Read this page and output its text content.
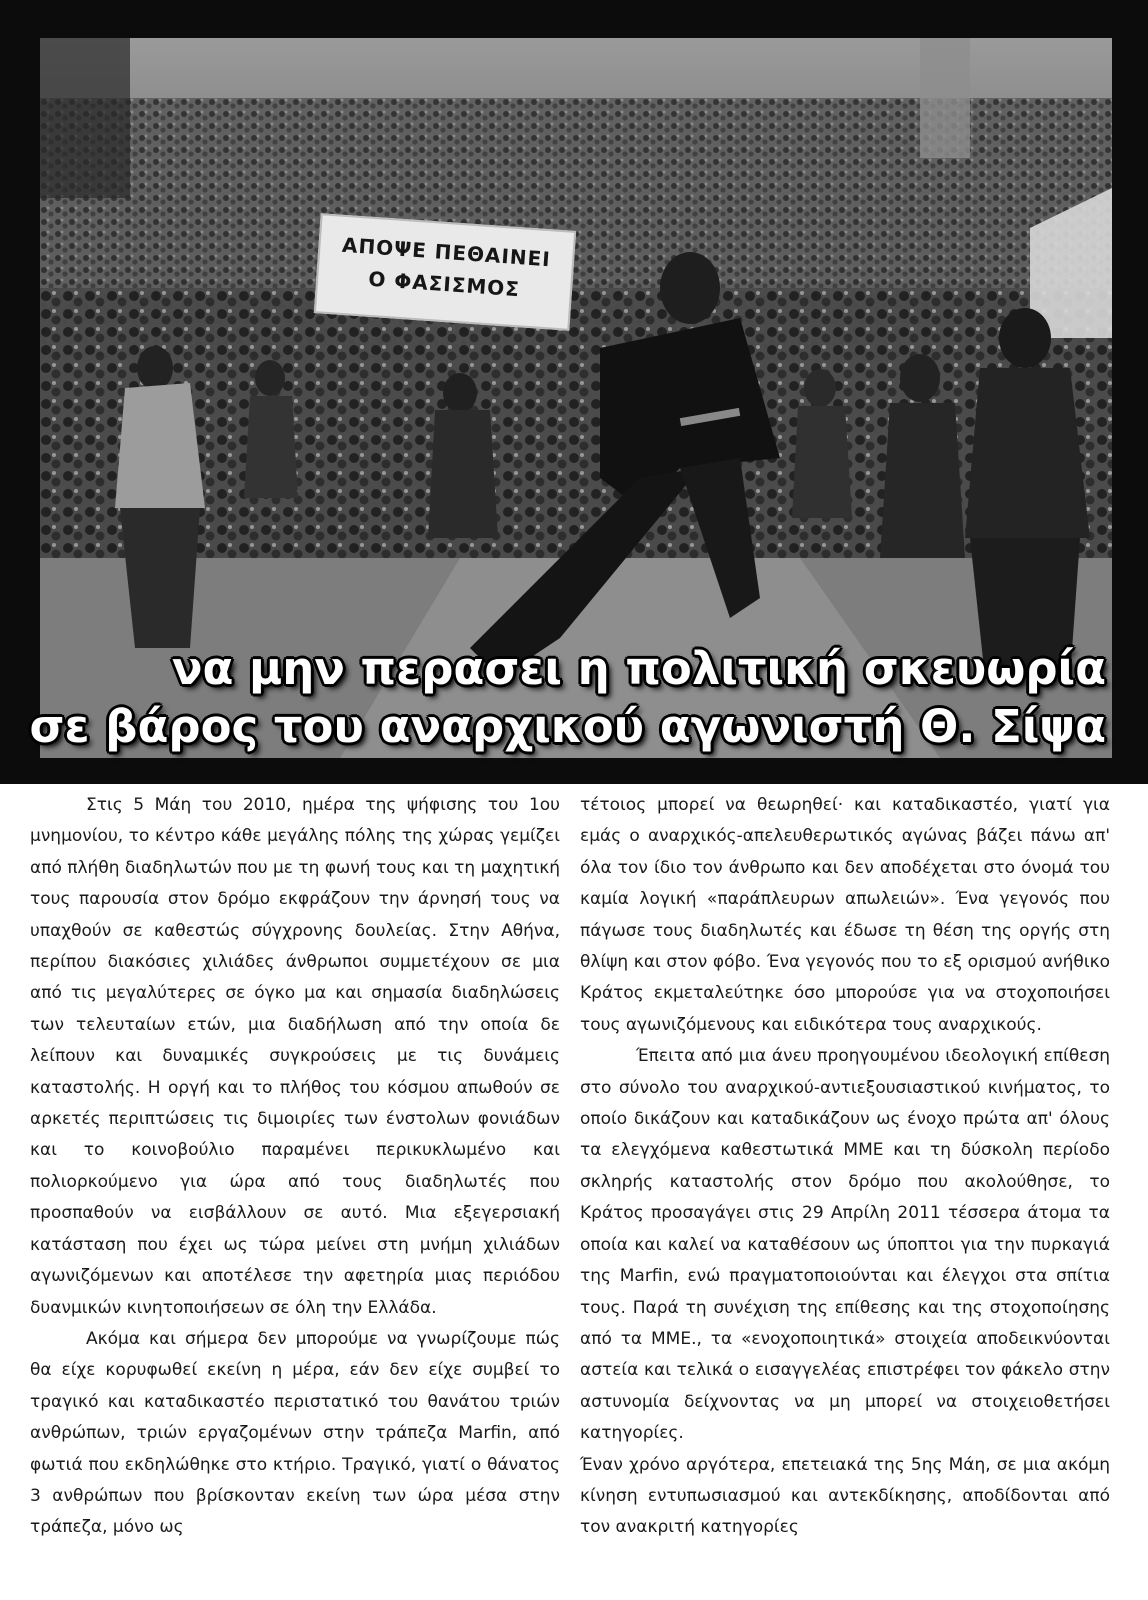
ΑΠΟΨΕ ΠΕΘΑΙΝΕΙ
Ο ΦΑΣΙΣΜΟΣ
να μην περασει η πολιτική σκευωρία
σε βάρος του αναρχικού αγωνιστή Θ. Σίψα

Στις 5 Μάη του 2010, ημέρα της ψήφισης του 1ου μνημονίου, το κέντρο κάθε μεγάλης πόλης της χώρας γεμίζει από πλήθη διαδηλωτών που με τη φωνή τους και τη μαχητική τους παρουσία στον δρόμο εκφράζουν την άρνησή τους να υπαχθούν σε καθεστώς σύγχρονης δουλείας. Στην Αθήνα, περίπου διακόσιες χιλιάδες άνθρωποι συμμετέχουν σε μια από τις μεγαλύτερες σε όγκο μα και σημασία διαδηλώσεις των τελευταίων ετών, μια διαδήλωση από την οποία δε λείπουν και δυναμικές συγκρούσεις με τις δυνάμεις καταστολής. Η οργή και το πλήθος του κόσμου απωθούν σε αρκετές περιπτώσεις τις διμοιρίες των ένστολων φονιάδων και το κοινοβούλιο παραμένει περικυκλωμένο και πολιορκούμενο για ώρα από τους διαδηλωτές που προσπαθούν να εισβάλλουν σε αυτό. Μια εξεγερσιακή κατάσταση που έχει ως τώρα μείνει στη μνήμη χιλιάδων αγωνιζόμενων και αποτέλεσε την αφετηρία μιας περιόδου δυανμικών κινητοποιήσεων σε όλη την Ελλάδα.

Ακόμα και σήμερα δεν μπορούμε να γνωρίζουμε πώς θα είχε κορυφωθεί εκείνη η μέρα, εάν δεν είχε συμβεί το τραγικό και καταδικαστέο περιστατικό του θανάτου τριών ανθρώπων, τριών εργαζομένων στην τράπεζα Marfin, από φωτιά που εκδηλώθηκε στο κτήριο. Τραγικό, γιατί ο θάνατος 3 ανθρώπων που βρίσκονταν εκείνη των ώρα μέσα στην τράπεζα, μόνο ως

τέτοιος μπορεί να θεωρηθεί· και καταδικαστέο, γιατί για εμάς ο αναρχικός-απελευθερωτικός αγώνας βάζει πάνω απ' όλα τον ίδιο τον άνθρωπο και δεν αποδέχεται στο όνομά του καμία λογική «παράπλευρων απωλειών». Ένα γεγονός που πάγωσε τους διαδηλωτές και έδωσε τη θέση της οργής στη θλίψη και στον φόβο. Ένα γεγονός που το εξ ορισμού ανήθικο Κράτος εκμεταλεύτηκε όσο μπορούσε για να στοχοποιήσει τους αγωνιζόμενους και ειδικότερα τους αναρχικούς.

Έπειτα από μια άνευ προηγουμένου ιδεολογική επίθεση στο σύνολο του αναρχικού-αντιεξουσιαστικού κινήματος, το οποίο δικάζουν και καταδικάζουν ως ένοχο πρώτα απ' όλους τα ελεγχόμενα καθεστωτικά ΜΜΕ και τη δύσκολη περίοδο σκληρής καταστολής στον δρόμο που ακολούθησε, το Κράτος προσαγάγει στις 29 Απρίλη 2011 τέσσερα άτομα τα οποία και καλεί να καταθέσουν ως ύποπτοι για την πυρκαγιά της Marfin, ενώ πραγματοποιούνται και έλεγχοι στα σπίτια τους. Παρά τη συνέχιση της επίθεσης και της στοχοποίησης από τα ΜΜΕ., τα «ενοχοποιητικά» στοιχεία αποδεικνύονται αστεία και τελικά ο εισαγγελέας επιστρέφει τον φάκελο στην αστυνομία δείχνοντας να μη μπορεί να στοιχειοθετήσει κατηγορίες.

Έναν χρόνο αργότερα, επετειακά της 5ης Μάη, σε μια ακόμη κίνηση εντυπωσιασμού και αντεκδίκησης, αποδίδονται από τον ανακριτή κατηγορίες
